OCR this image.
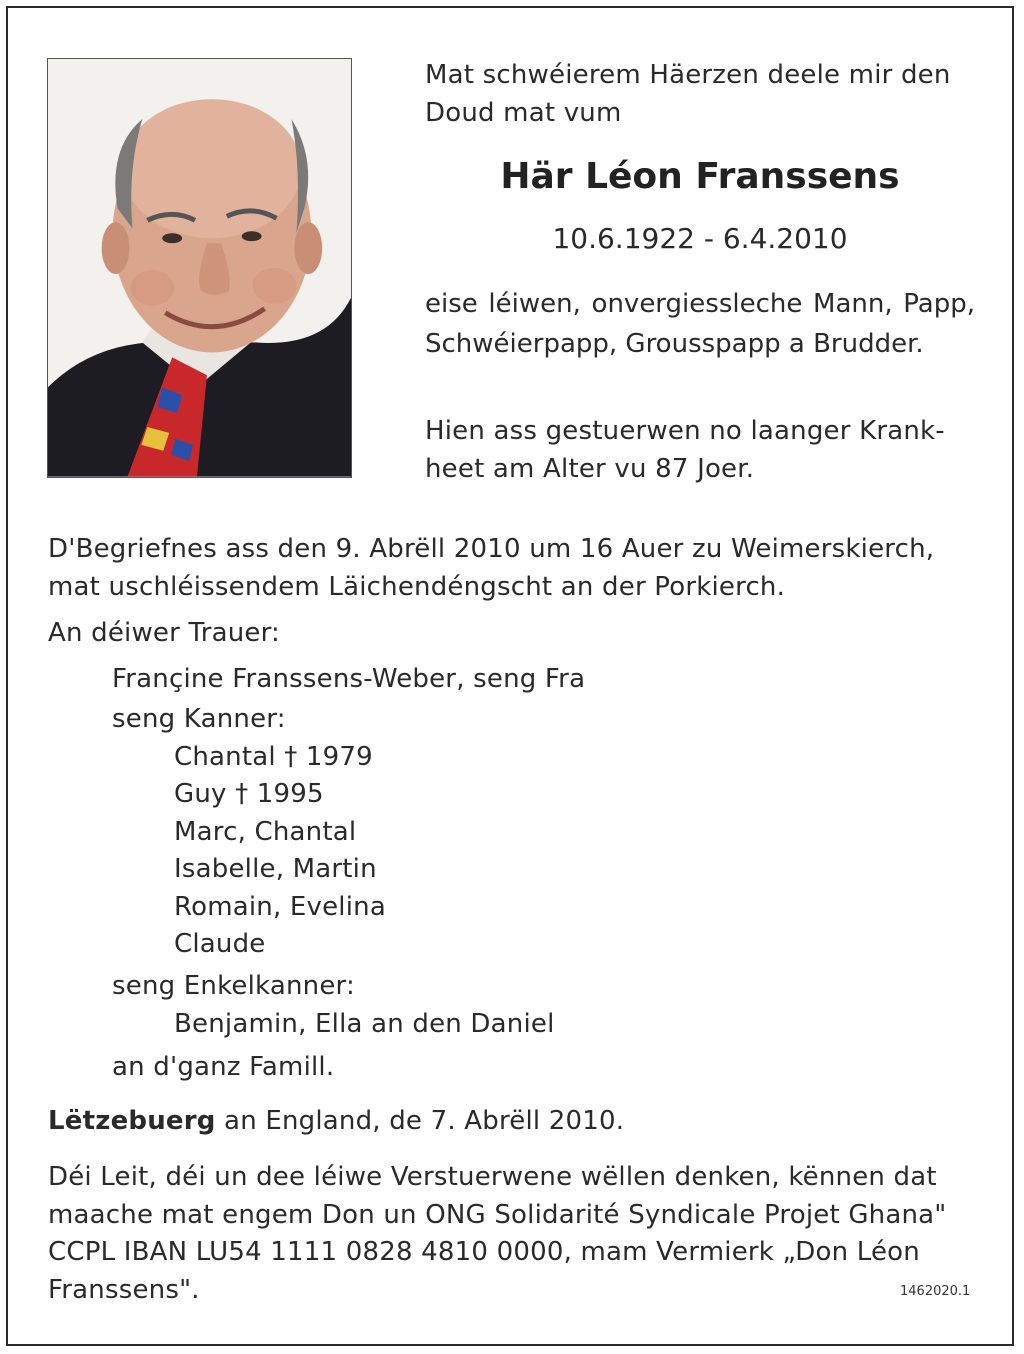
Mat schwéierem Häerzen deele mir den Doud mat vum
Här Léon Franssens
10.6.1922 - 6.4.2010
eise léiwen, onvergiessleche Mann, Papp, Schwéierpapp, Grousspapp a Brudder.
Hien ass gestuerwen no laanger Krank-
heet am Alter vu 87 Joer.
D'Begriefnes ass den 9. Abrëll 2010 um 16 Auer zu Weimerskierch,
mat uschléissendem Läichendéngscht an der Porkierch.
An déiwer Trauer:
Françine Franssens-Weber, seng Fra
seng Kanner:
Chantal † 1979
Guy † 1995
Marc, Chantal
Isabelle, Martin
Romain, Evelina
Claude
seng Enkelkanner:
Benjamin, Ella an den Daniel
an d'ganz Famill.
Lëtzebuerg an England, de 7. Abrëll 2010.
Déi Leit, déi un dee léiwe Verstuerwene wëllen denken, kënnen dat
maache mat engem Don un ONG Solidarité Syndicale Projet Ghana"
CCPL IBAN LU54 1111 0828 4810 0000, mam Vermierk „Don Léon
Franssens".	1462020.1
